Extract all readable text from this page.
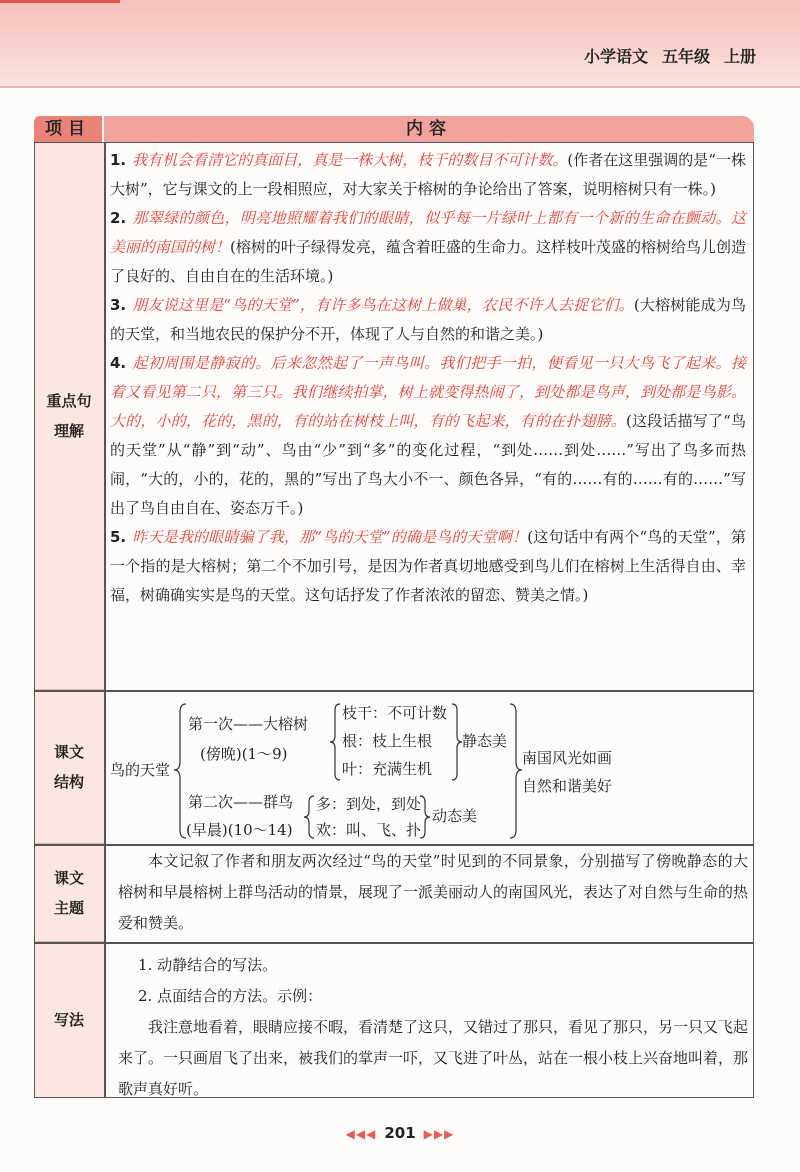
小学语文 五年级 上册
项目	内容
重点句
理解
课文
结构
课文
主题
写法

1. 我有机会看清它的真面目，真是一株大树，枝干的数目不可计数。(作者在这里强调的是“一株大树”，它与课文的上一段相照应，对大家关于榕树的争论给出了答案，说明榕树只有一株。)

2. 那翠绿的颜色，明亮地照耀着我们的眼睛，似乎每一片绿叶上都有一个新的生命在颤动。这美丽的南国的树！(榕树的叶子绿得发亮，蕴含着旺盛的生命力。这样枝叶茂盛的榕树给鸟儿创造了良好的、自由自在的生活环境。)

3. 朋友说这里是“鸟的天堂”，有许多鸟在这树上做巢，农民不许人去捉它们。(大榕树能成为鸟的天堂，和当地农民的保护分不开，体现了人与自然的和谐之美。)

4. 起初周围是静寂的。后来忽然起了一声鸟叫。我们把手一拍，便看见一只大鸟飞了起来。接着又看见第二只，第三只。我们继续拍掌，树上就变得热闹了，到处都是鸟声，到处都是鸟影。大的，小的，花的，黑的，有的站在树枝上叫，有的飞起来，有的在扑翅膀。(这段话描写了“鸟的天堂”从“静”到“动”、鸟由“少”到“多”的变化过程，“到处……到处……”写出了鸟多而热闹，“大的，小的，花的，黑的”写出了鸟大小不一、颜色各异，“有的……有的……有的……”写出了鸟自由自在、姿态万千。)

5. 昨天是我的眼睛骗了我，那“鸟的天堂”的确是鸟的天堂啊！(这句话中有两个“鸟的天堂”，第一个指的是大榕树；第二个不加引号，是因为作者真切地感受到鸟儿们在榕树上生活得自由、幸福，树确确实实是鸟的天堂。这句话抒发了作者浓浓的留恋、赞美之情。)

鸟的天堂
第一次——大榕树
(傍晚)(1～9)
枝干：不可计数
根：枝上生根
叶：充满生机
静态美
第二次——群鸟
(早晨)(10～14)
多：到处，到处
欢：叫、飞、扑
动态美
南国风光如画
自然和谐美好
本文记叙了作者和朋友两次经过“鸟的天堂”时见到的不同景象，分别描写了傍晚静态的大榕树和早晨榕树上群鸟活动的情景，展现了一派美丽动人的南国风光，表达了对自然与生命的热爱和赞美。

1. 动静结合的写法。

2. 点面结合的方法。示例：

我注意地看着，眼睛应接不暇，看清楚了这只，又错过了那只，看见了那只，另一只又飞起来了。一只画眉飞了出来，被我们的掌声一吓，又飞进了叶丛，站在一根小枝上兴奋地叫着，那歌声真好听。

◀◀◀ 201 ▶▶▶
